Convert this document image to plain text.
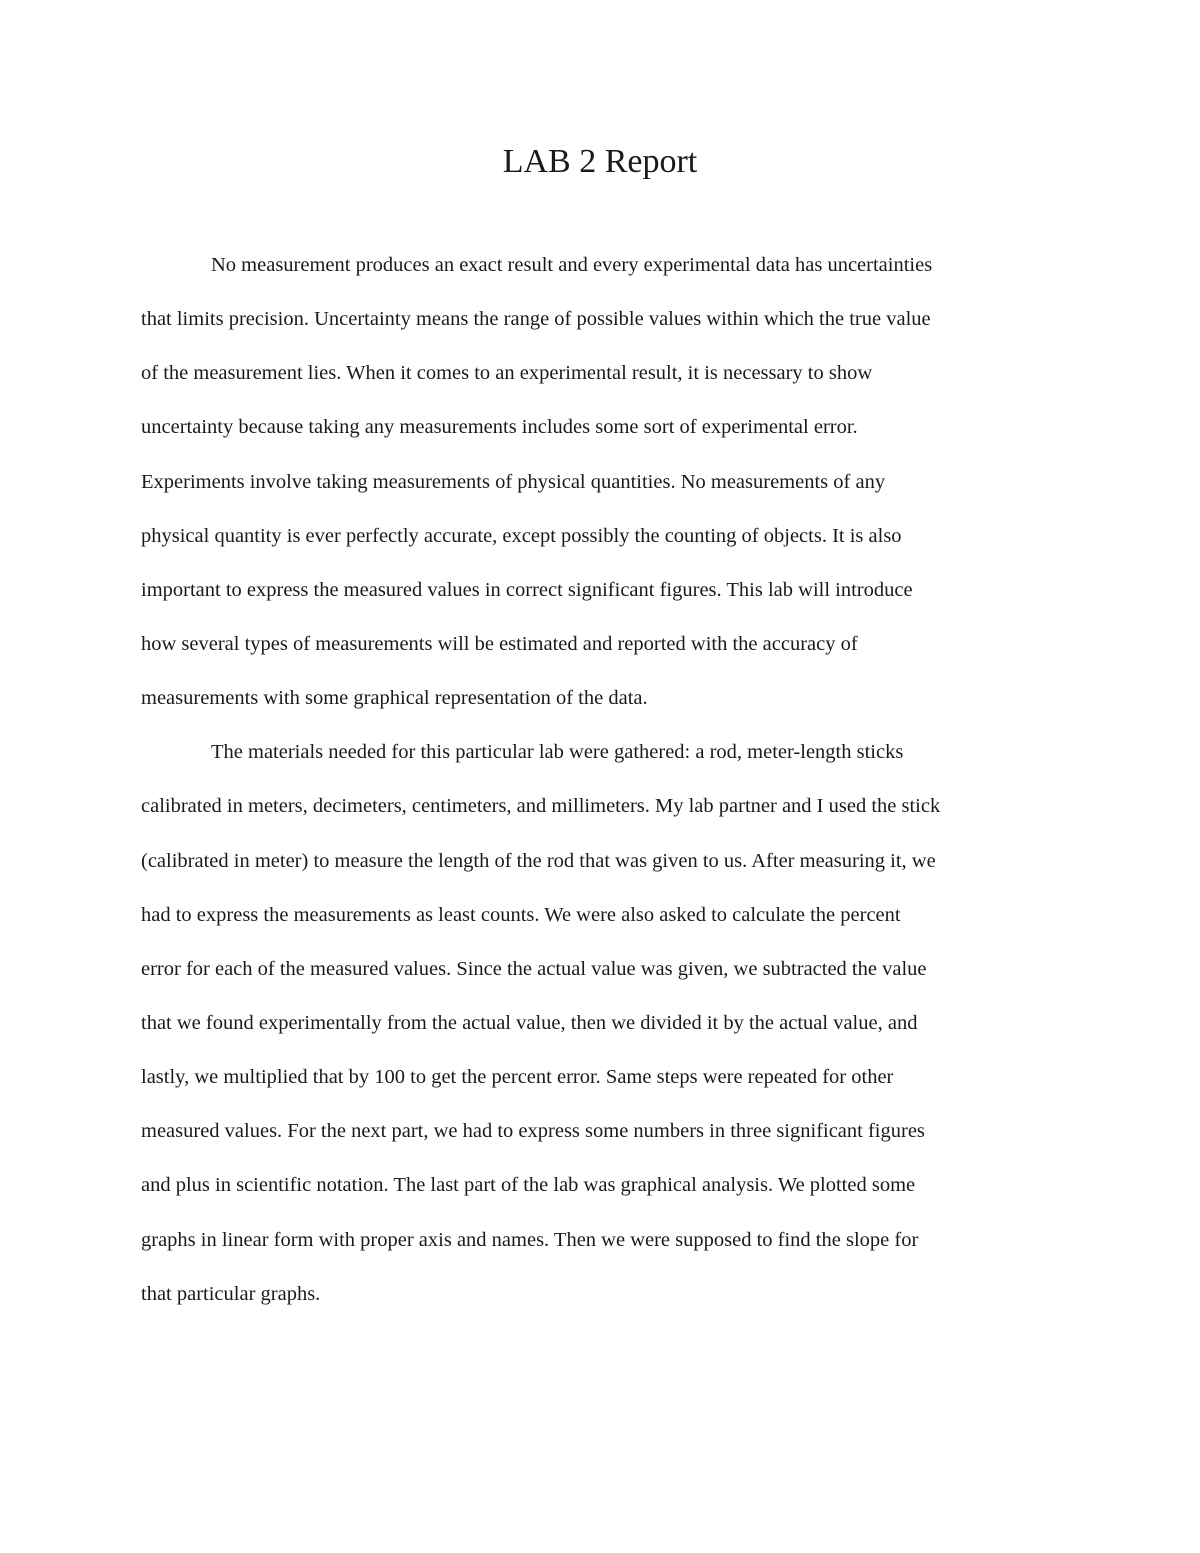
LAB 2 Report
No measurement produces an exact result and every experimental data has uncertainties
that limits precision. Uncertainty means the range of possible values within which the true value
of the measurement lies. When it comes to an experimental result, it is necessary to show
uncertainty because taking any measurements includes some sort of experimental error.
Experiments involve taking measurements of physical quantities. No measurements of any
physical quantity is ever perfectly accurate, except possibly the counting of objects. It is also
important to express the measured values in correct significant figures. This lab will introduce
how several types of measurements will be estimated and reported with the accuracy of
measurements with some graphical representation of the data.
The materials needed for this particular lab were gathered: a rod, meter-length sticks
calibrated in meters, decimeters, centimeters, and millimeters. My lab partner and I used the stick
(calibrated in meter) to measure the length of the rod that was given to us. After measuring it, we
had to express the measurements as least counts. We were also asked to calculate the percent
error for each of the measured values. Since the actual value was given, we subtracted the value
that we found experimentally from the actual value, then we divided it by the actual value, and
lastly, we multiplied that by 100 to get the percent error. Same steps were repeated for other
measured values. For the next part, we had to express some numbers in three significant figures
and plus in scientific notation. The last part of the lab was graphical analysis. We plotted some
graphs in linear form with proper axis and names. Then we were supposed to find the slope for
that particular graphs.
